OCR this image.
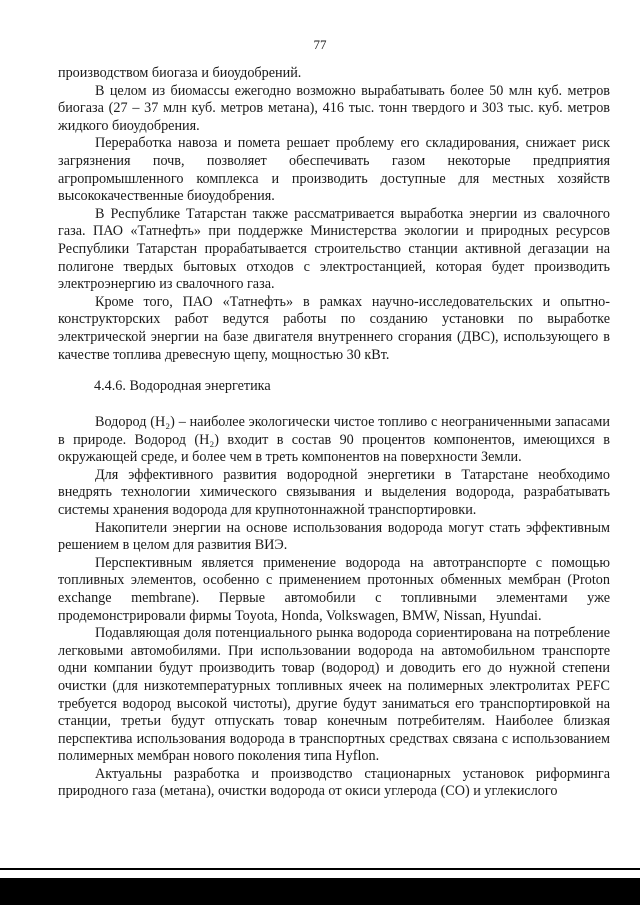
77

производством биогаза и биоудобрений.

В целом из биомассы ежегодно возможно вырабатывать более 50 млн куб. метров биогаза (27 – 37 млн куб. метров метана), 416 тыс. тонн твердого и 303 тыс. куб. метров жидкого биоудобрения.

Переработка навоза и помета решает проблему его складирования, снижает риск загрязнения почв, позволяет обеспечивать газом некоторые предприятия агропромышленного комплекса и производить доступные для местных хозяйств высококачественные биоудобрения.

В Республике Татарстан также рассматривается выработка энергии из свалочного газа. ПАО «Татнефть» при поддержке Министерства экологии и природных ресурсов Республики Татарстан прорабатывается строительство станции активной дегазации на полигоне твердых бытовых отходов с электростанцией, которая будет производить электроэнергию из свалочного газа.

Кроме того, ПАО «Татнефть» в рамках научно-исследовательских и опытно-конструкторских работ ведутся работы по созданию установки по выработке электрической энергии на базе двигателя внутреннего сгорания (ДВС), использующего в качестве топлива древесную щепу, мощностью 30 кВт.

4.4.6. Водородная энергетика

Водород (H₂) – наиболее экологически чистое топливо с неограниченными запасами в природе. Водород (H₂) входит в состав 90 процентов компонентов, имеющихся в окружающей среде, и более чем в треть компонентов на поверхности Земли.

Для эффективного развития водородной энергетики в Татарстане необходимо внедрять технологии химического связывания и выделения водорода, разрабатывать системы хранения водорода для крупнотоннажной транспортировки.

Накопители энергии на основе использования водорода могут стать эффективным решением в целом для развития ВИЭ.

Перспективным является применение водорода на автотранспорте с помощью топливных элементов, особенно с применением протонных обменных мембран (Proton exchange membrane). Первые автомобили с топливными элементами уже продемонстрировали фирмы Toyota, Honda, Volkswagen, BMW, Nissan, Hyundai.

Подавляющая доля потенциального рынка водорода сориентирована на потребление легковыми автомобилями. При использовании водорода на автомобильном транспорте одни компании будут производить товар (водород) и доводить его до нужной степени очистки (для низкотемпературных топливных ячеек на полимерных электролитах PEFC требуется водород высокой чистоты), другие будут заниматься его транспортировкой на станции, третьи будут отпускать товар конечным потребителям. Наиболее близкая перспектива использования водорода в транспортных средствах связана с использованием полимерных мембран нового поколения типа Hyflon.

Актуальны разработка и производство стационарных установок риформинга природного газа (метана), очистки водорода от окиси углерода (CO) и углекислого
